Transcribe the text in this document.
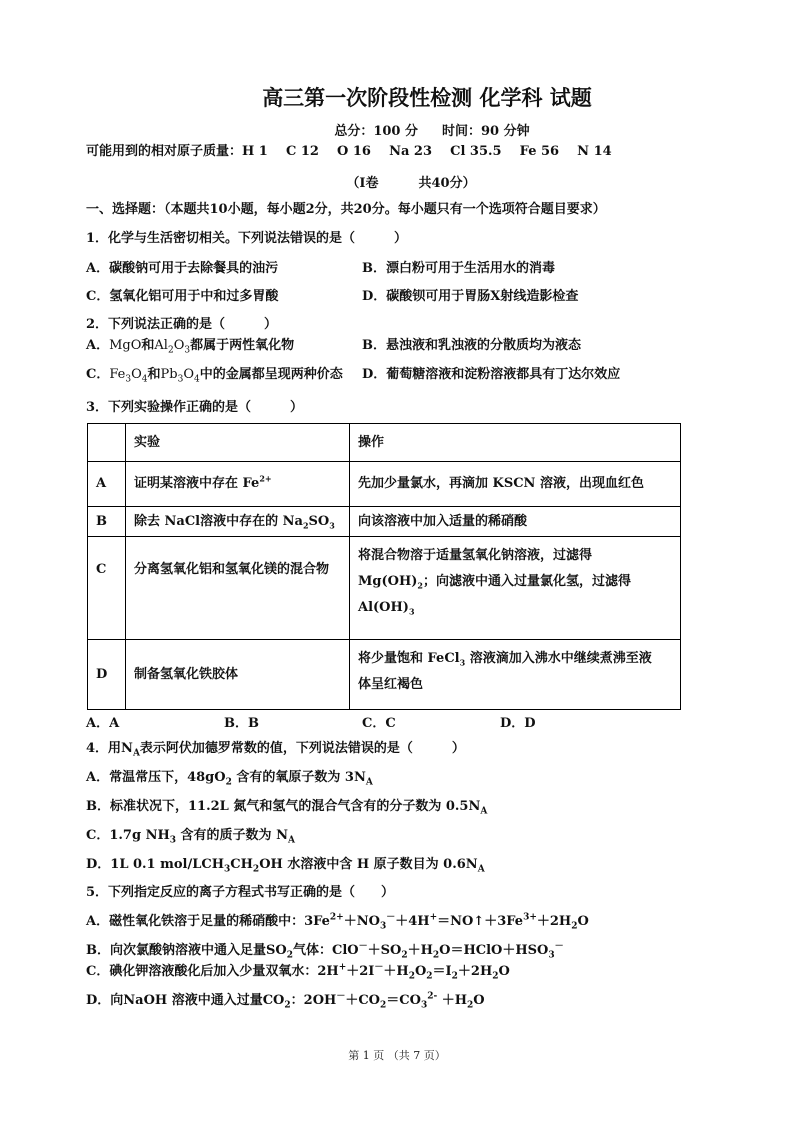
高三第一次阶段性检测 化学科 试题
总分：100 分 时间：90 分钟
可能用到的相对原子质量：H 1    C 12    O 16    Na 23    Cl 35.5    Fe 56    N 14
（I卷	共40分）
一、选择题：（本题共10小题，每小题2分，共20分。每小题只有一个选项符合题目要求）
1．化学与生活密切相关。下列说法错误的是（　　　）
A．碳酸钠可用于去除餐具的油污	B．漂白粉可用于生活用水的消毒
C．氢氧化铝可用于中和过多胃酸	D．碳酸钡可用于胃肠X射线造影检查
2．下列说法正确的是（　　　）
A．MgO和$Al_2O_3$都属于两性氧化物	B．悬浊液和乳浊液的分散质均为液态
C．$Fe_3O_4$和$Pb_3O_4$中的金属都呈现两种价态 D．葡萄糖溶液和淀粉溶液都具有丁达尔效应
3．下列实验操作正确的是（　　　）
	实验	操作
A	证明某溶液中存在 $Fe^{2+}$	先加少量氯水，再滴加 KSCN 溶液，出现血红色
B	除去 NaCl溶液中存在的 $Na_2SO_3$	向该溶液中加入适量的稀硝酸
C	分离氢氧化铝和氢氧化镁的混合物	将混合物溶于适量氢氧化钠溶液，过滤得
$Mg(OH)_2$；向滤液中通入过量氯化氢，过滤得
$Al(OH)_3$

D	制备氢氧化铁胶体	将少量饱和 FeCl$_3$ 溶液滴加入沸水中继续煮沸至液
体呈红褐色
A．A	B．B	C．C	D．D
4．用$N_A$表示阿伏加德罗常数的值，下列说法错误的是（　　　）
A．常温常压下，$48gO_2$ 含有的氧原子数为 $3N_A$
B．标准状况下，11.2L 氮气和氢气的混合气含有的分子数为 $0.5N_A$
C．1.7g $NH_3$ 含有的质子数为 $N_A$
D．1L 0.1 mol/$LCH_3CH_2OH$ 水溶液中含 H 原子数目为 $0.6N_A$
5．下列指定反应的离子方程式书写正确的是（　　）
A．磁性氧化铁溶于足量的稀硝酸中：$3Fe^{2+}+NO_3^-+4H^+=NO↑+3Fe^{3+}+2H_2O$
B．向次氯酸钠溶液中通入足量$SO_2$气体：$ClO^-+SO_2+H_2O=HClO+HSO_3^-$
C．碘化钾溶液酸化后加入少量双氧水：$2H^++2I^-+H_2O_2=I_2+2H_2O$
D．向NaOH 溶液中通入过量$CO_2$：$2OH^-+CO_2=CO_3^{2-} +H_2O$
第 1 页 （共 7 页）
